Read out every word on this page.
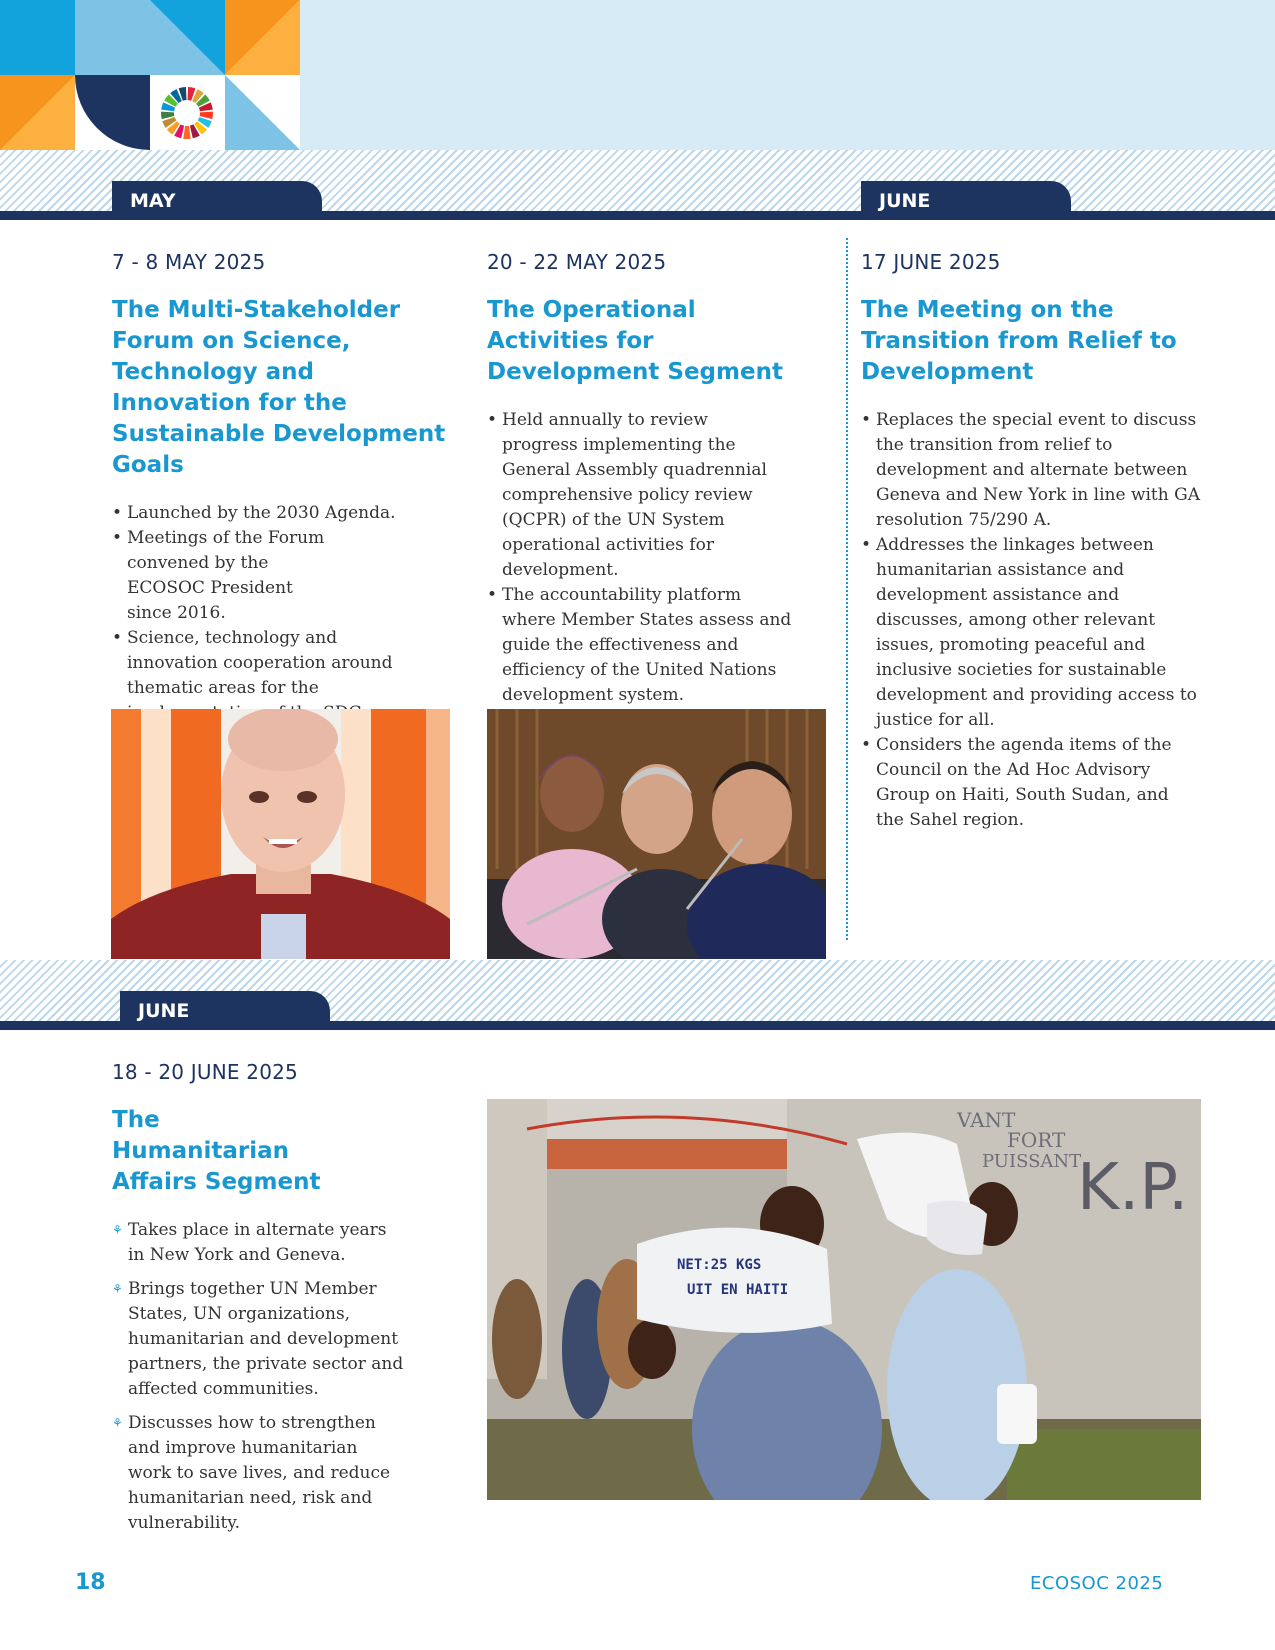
MAY	JUNE
7 - 8 MAY 2025
The Multi-Stakeholder Forum on Science, Technology and Innovation for the Sustainable Development Goals
• Launched by the 2030 Agenda.
• Meetings of the Forum convened by the ECOSOC President since 2016.
• Science, technology and innovation cooperation around thematic areas for the
20 - 22 MAY 2025
The Operational Activities for Development Segment
• Held annually to review progress implementing the General Assembly quadrennial comprehensive policy review (QCPR) of the UN System operational activities for development.
• The accountability platform where Member States assess and guide the effectiveness and efficiency of the United Nations development system.
17 JUNE 2025
The Meeting on the Transition from Relief to Development
• Replaces the special event to discuss the transition from relief to development and alternate between Geneva and New York in line with GA resolution 75/290 A.
• Addresses the linkages between humanitarian assistance and development assistance and discusses, among other relevant issues, promoting peaceful and inclusive societies for sustainable development and providing access to justice for all.
• Considers the agenda items of the Council on the Ad Hoc Advisory Group on Haiti, South Sudan, and the Sahel region.
JUNE
18 - 20 JUNE 2025
The Humanitarian Affairs Segment
⚘ Takes place in alternate years in New York and Geneva.
⚘ Brings together UN Member States, UN organizations, humanitarian and development partners, the private sector and affected communities.
⚘ Discusses how to strengthen and improve humanitarian work to save lives, and reduce humanitarian need, risk and vulnerability.
VANT
FORT
PUISSANT
K.P.
NET:25 KGS
UIT EN HAITI
18	ECOSOC 2025
